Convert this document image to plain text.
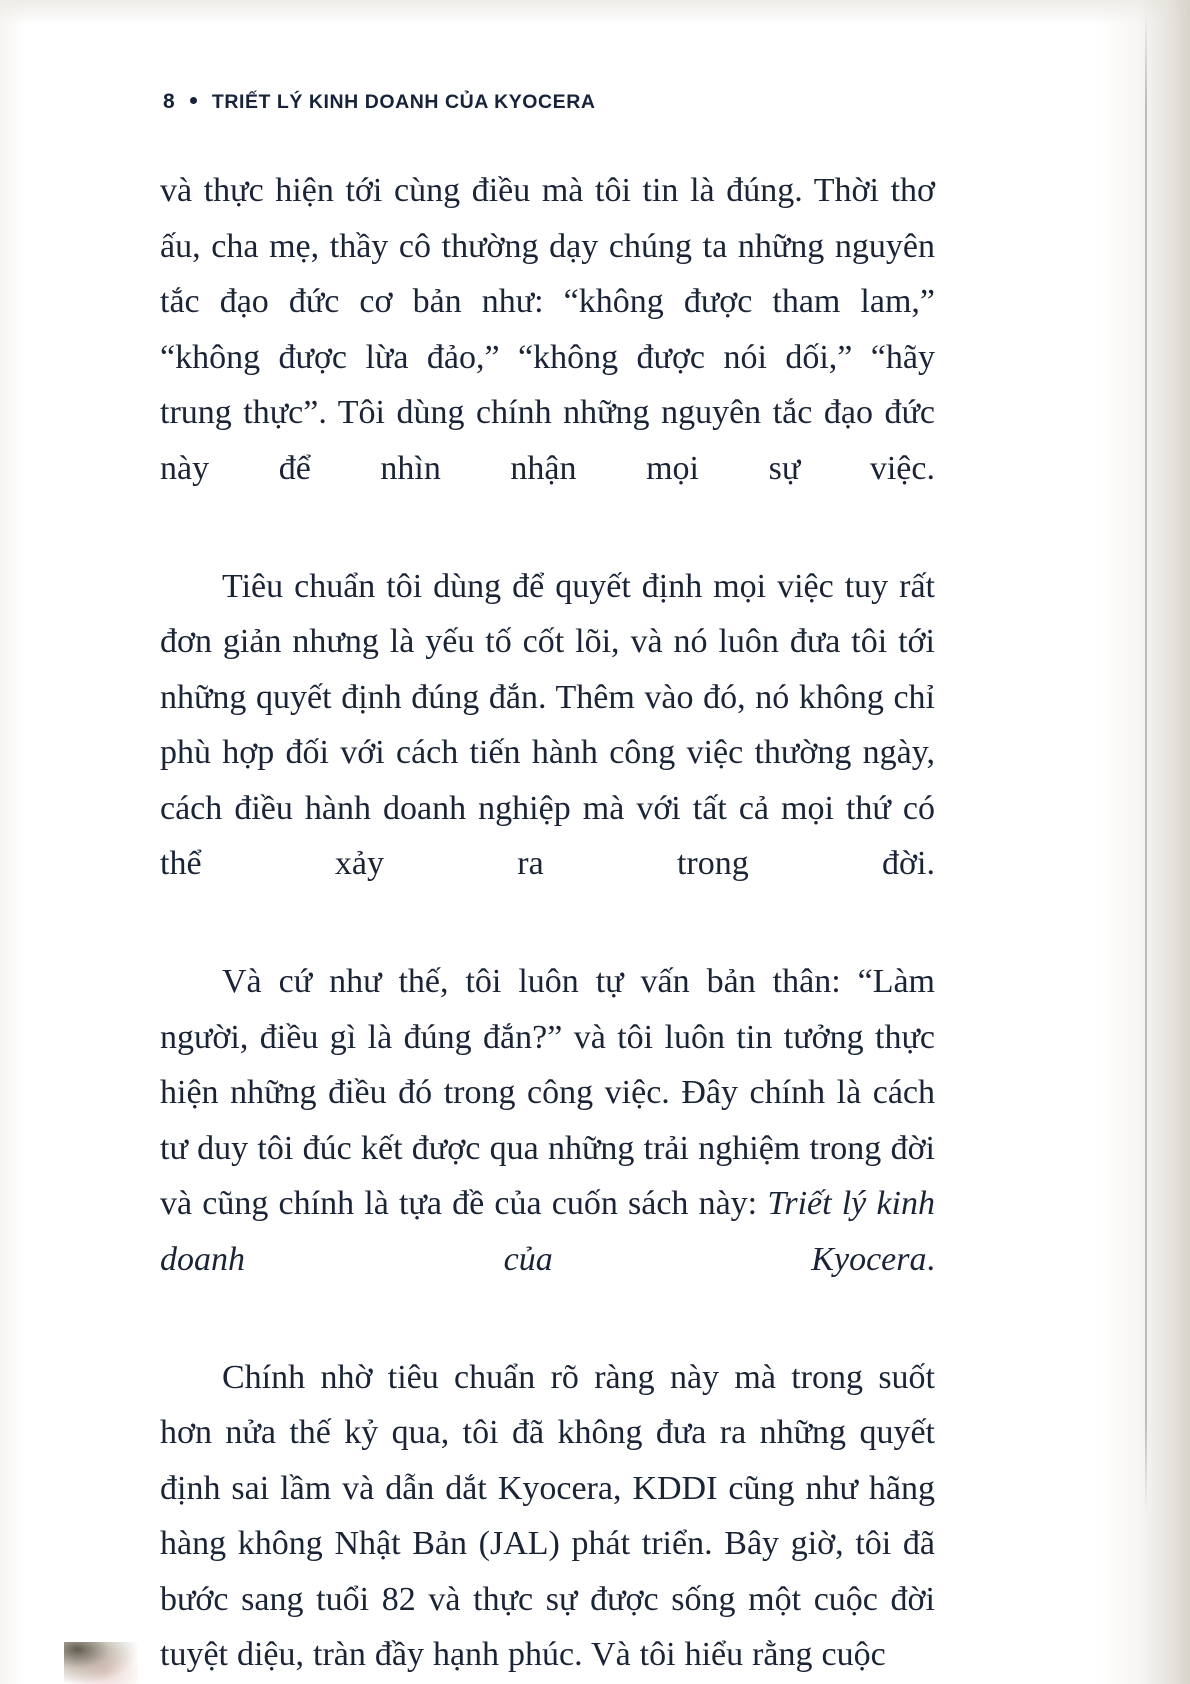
8 TRIẾT LÝ KINH DOANH CỦA KYOCERA

và thực hiện tới cùng điều mà tôi tin là đúng. Thời thơ ấu, cha mẹ, thầy cô thường dạy chúng ta những nguyên tắc đạo đức cơ bản như: “không được tham lam,” “không được lừa đảo,” “không được nói dối,” “hãy trung thực”. Tôi dùng chính những nguyên tắc đạo đức này để nhìn nhận mọi sự việc.

Tiêu chuẩn tôi dùng để quyết định mọi việc tuy rất đơn giản nhưng là yếu tố cốt lõi, và nó luôn đưa tôi tới những quyết định đúng đắn. Thêm vào đó, nó không chỉ phù hợp đối với cách tiến hành công việc thường ngày, cách điều hành doanh nghiệp mà với tất cả mọi thứ có thể xảy ra trong đời.

Và cứ như thế, tôi luôn tự vấn bản thân: “Làm người, điều gì là đúng đắn?” và tôi luôn tin tưởng thực hiện những điều đó trong công việc. Đây chính là cách tư duy tôi đúc kết được qua những trải nghiệm trong đời và cũng chính là tựa đề của cuốn sách này: Triết lý kinh doanh của Kyocera.

Chính nhờ tiêu chuẩn rõ ràng này mà trong suốt hơn nửa thế kỷ qua, tôi đã không đưa ra những quyết định sai lầm và dẫn dắt Kyocera, KDDI cũng như hãng hàng không Nhật Bản (JAL) phát triển. Bây giờ, tôi đã bước sang tuổi 82 và thực sự được sống một cuộc đời tuyệt diệu, tràn đầy hạnh phúc. Và tôi hiểu rằng cuộc
